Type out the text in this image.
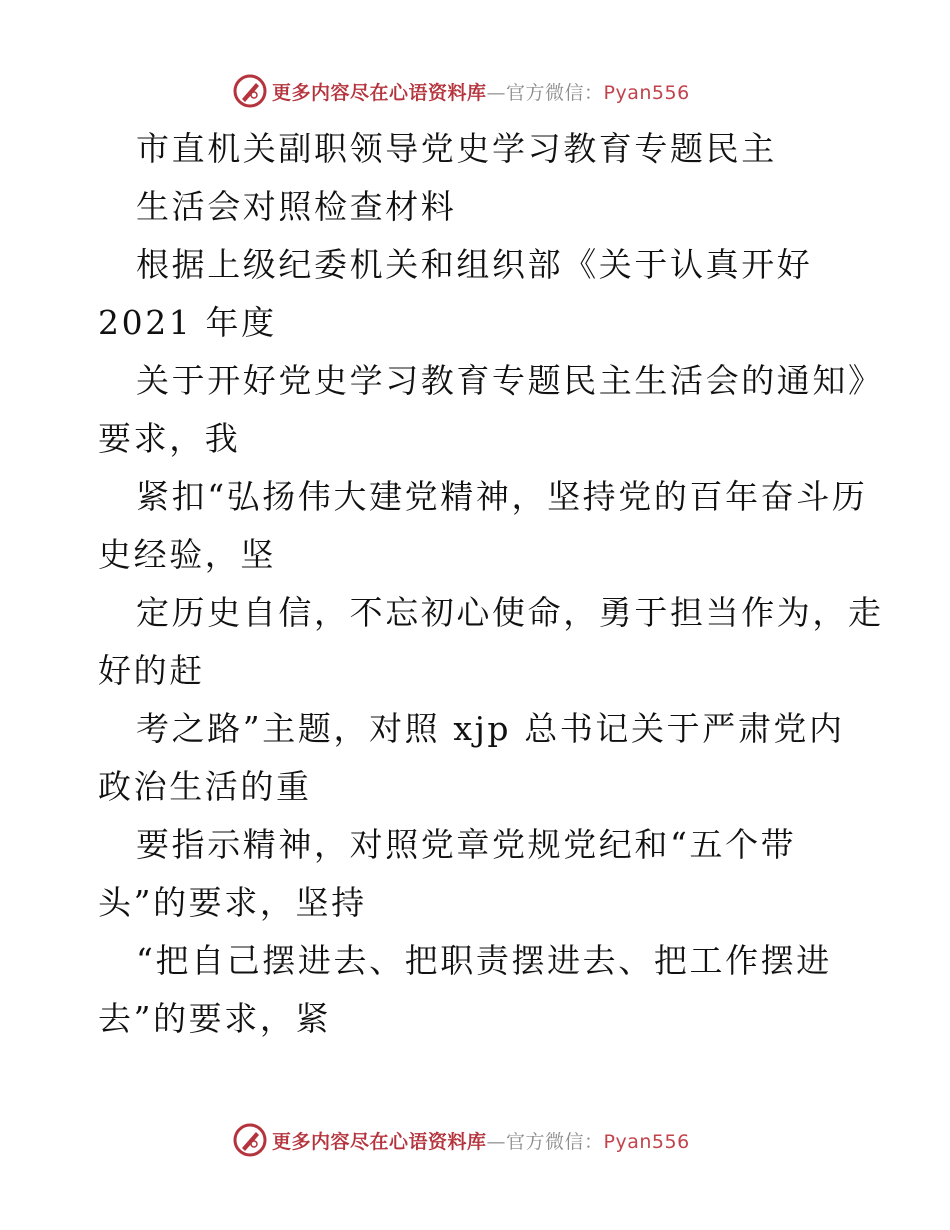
更多内容尽在心语资料库—官方微信：Pyan556
市直机关副职领导党史学习教育专题民主
生活会对照检查材料
根据上级纪委机关和组织部《关于认真开好
2021 年度
关于开好党史学习教育专题民主生活会的通知》
要求，我
紧扣“弘扬伟大建党精神，坚持党的百年奋斗历
史经验，坚
定历史自信，不忘初心使命，勇于担当作为，走
好的赶
考之路”主题，对照 xjp 总书记关于严肃党内
政治生活的重
要指示精神，对照党章党规党纪和“五个带
头”的要求，坚持
“把自己摆进去、把职责摆进去、把工作摆进
去”的要求，紧
更多内容尽在心语资料库—官方微信：Pyan556
